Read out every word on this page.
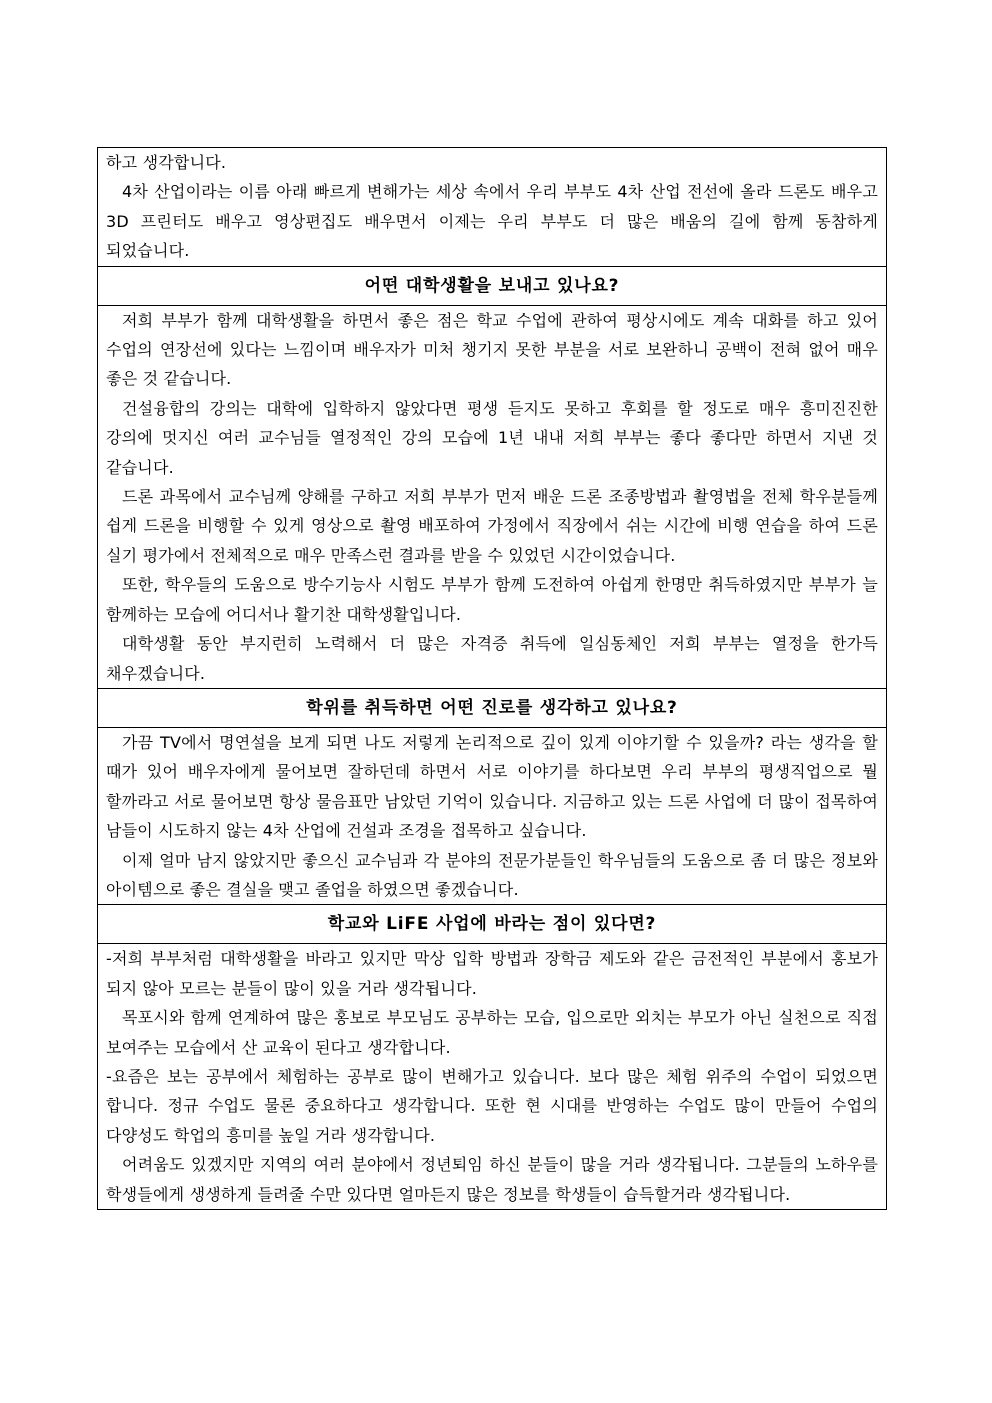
하고 생각합니다.

4차 산업이라는 이름 아래 빠르게 변해가는 세상 속에서 우리 부부도 4차 산업 전선에 올라 드론도 배우고 3D 프린터도 배우고 영상편집도 배우면서 이제는 우리 부부도 더 많은 배움의 길에 함께 동참하게 되었습니다.

어떤 대학생활을 보내고 있나요?

저희 부부가 함께 대학생활을 하면서 좋은 점은 학교 수업에 관하여 평상시에도 계속 대화를 하고 있어 수업의 연장선에 있다는 느낌이며 배우자가 미처 챙기지 못한 부분을 서로 보완하니 공백이 전혀 없어 매우 좋은 것 같습니다.

건설융합의 강의는 대학에 입학하지 않았다면 평생 듣지도 못하고 후회를 할 정도로 매우 흥미진진한 강의에 멋지신 여러 교수님들 열정적인 강의 모습에 1년 내내 저희 부부는 좋다 좋다만 하면서 지낸 것 같습니다.

드론 과목에서 교수님께 양해를 구하고 저희 부부가 먼저 배운 드론 조종방법과 촬영법을 전체 학우분들께 쉽게 드론을 비행할 수 있게 영상으로 촬영 배포하여 가정에서 직장에서 쉬는 시간에 비행 연습을 하여 드론 실기 평가에서 전체적으로 매우 만족스런 결과를 받을 수 있었던 시간이었습니다.

또한, 학우들의 도움으로 방수기능사 시험도 부부가 함께 도전하여 아쉽게 한명만 취득하였지만 부부가 늘 함께하는 모습에 어디서나 활기찬 대학생활입니다.

대학생활 동안 부지런히 노력해서 더 많은 자격증 취득에 일심동체인 저희 부부는 열정을 한가득 채우겠습니다.

학위를 취득하면 어떤 진로를 생각하고 있나요?

가끔 TV에서 명연설을 보게 되면 나도 저렇게 논리적으로 깊이 있게 이야기할 수 있을까? 라는 생각을 할 때가 있어 배우자에게 물어보면 잘하던데 하면서 서로 이야기를 하다보면 우리 부부의 평생직업으로 뭘 할까라고 서로 물어보면 항상 물음표만 남았던 기억이 있습니다. 지금하고 있는 드론 사업에 더 많이 접목하여 남들이 시도하지 않는 4차 산업에 건설과 조경을 접목하고 싶습니다.

이제 얼마 남지 않았지만 좋으신 교수님과 각 분야의 전문가분들인 학우님들의 도움으로 좀 더 많은 정보와 아이템으로 좋은 결실을 맺고 졸업을 하였으면 좋겠습니다.

학교와 LiFE 사업에 바라는 점이 있다면?

-저희 부부처럼 대학생활을 바라고 있지만 막상 입학 방법과 장학금 제도와 같은 금전적인 부분에서 홍보가 되지 않아 모르는 분들이 많이 있을 거라 생각됩니다.

목포시와 함께 연계하여 많은 홍보로 부모님도 공부하는 모습, 입으로만 외치는 부모가 아닌 실천으로 직접 보여주는 모습에서 산 교육이 된다고 생각합니다.

-요즘은 보는 공부에서 체험하는 공부로 많이 변해가고 있습니다. 보다 많은 체험 위주의 수업이 되었으면 합니다. 정규 수업도 물론 중요하다고 생각합니다. 또한 현 시대를 반영하는 수업도 많이 만들어 수업의 다양성도 학업의 흥미를 높일 거라 생각합니다.

어려움도 있겠지만 지역의 여러 분야에서 정년퇴임 하신 분들이 많을 거라 생각됩니다. 그분들의 노하우를 학생들에게 생생하게 들려줄 수만 있다면 얼마든지 많은 정보를 학생들이 습득할거라 생각됩니다.
